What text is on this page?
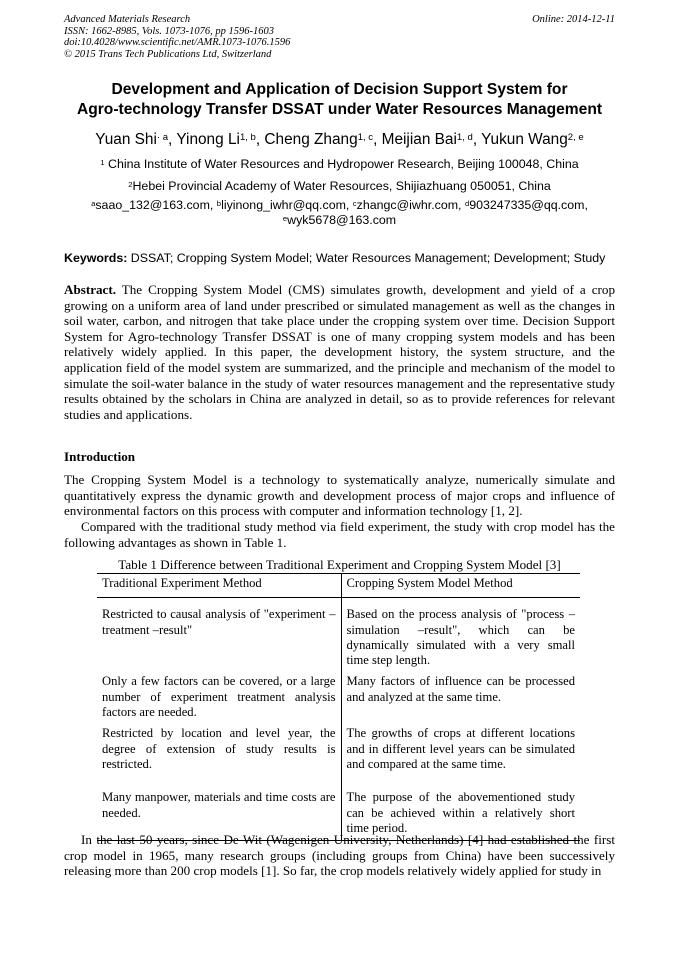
Advanced Materials Research
ISSN: 1662-8985, Vols. 1073-1076, pp 1596-1603
doi:10.4028/www.scientific.net/AMR.1073-1076.1596
© 2015 Trans Tech Publications Ltd, Switzerland
Online: 2014-12-11
Development and Application of Decision Support System for
Agro-technology Transfer DSSAT under Water Resources Management
Yuan Shi$^{\cdot a}$, Yinong Li$^{1, b}$, Cheng Zhang$^{1, c}$, Meijian Bai$^{1, d}$, Yukun Wang$^{2, e}$
$^1$ China Institute of Water Resources and Hydropower Research, Beijing 100048, China
$^2$Hebei Provincial Academy of Water Resources, Shijiazhuang 050051, China
$^a$saao_132@163.com, $^b$liyinong_iwhr@qq.com, $^c$zhangc@iwhr.com, $^d$903247335@qq.com,
$^e$wyk5678@163.com
Keywords: DSSAT; Cropping System Model; Water Resources Management; Development; Study
Abstract. The Cropping System Model (CMS) simulates growth, development and yield of a crop growing on a uniform area of land under prescribed or simulated management as well as the changes in soil water, carbon, and nitrogen that take place under the cropping system over time. Decision Support System for Agro-technology Transfer DSSAT is one of many cropping system models and has been relatively widely applied. In this paper, the development history, the system structure, and the application field of the model system are summarized, and the principle and mechanism of the model to simulate the soil-water balance in the study of water resources management and the representative study results obtained by the scholars in China are analyzed in detail, so as to provide references for relevant studies and applications.
Introduction
The Cropping System Model is a technology to systematically analyze, numerically simulate and quantitatively express the dynamic growth and development process of major crops and influence of environmental factors on this process with computer and information technology [1, 2].
Compared with the traditional study method via field experiment, the study with crop model has the following advantages as shown in Table 1.
Table 1 Difference between Traditional Experiment and Cropping System Model [3]
Traditional Experiment Method	Cropping System Model Method
Restricted to causal analysis of "experiment –treatment –result"	Based on the process analysis of "process –simulation –result", which can be dynamically simulated with a very small time step length.
Only a few factors can be covered, or a large number of experiment treatment analysis factors are needed.	Many factors of influence can be processed and analyzed at the same time.
Restricted by location and level year, the degree of extension of study results is restricted.	The growths of crops at different locations and in different level years can be simulated and compared at the same time.
Many manpower, materials and time costs are needed.	The purpose of the abovementioned study can be achieved within a relatively short time period.
In the last 50 years, since De Wit (Wagenigen University, Netherlands) [4] had established the first crop model in 1965, many research groups (including groups from China) have been successively releasing more than 200 crop models [1]. So far, the crop models relatively widely applied for study in
